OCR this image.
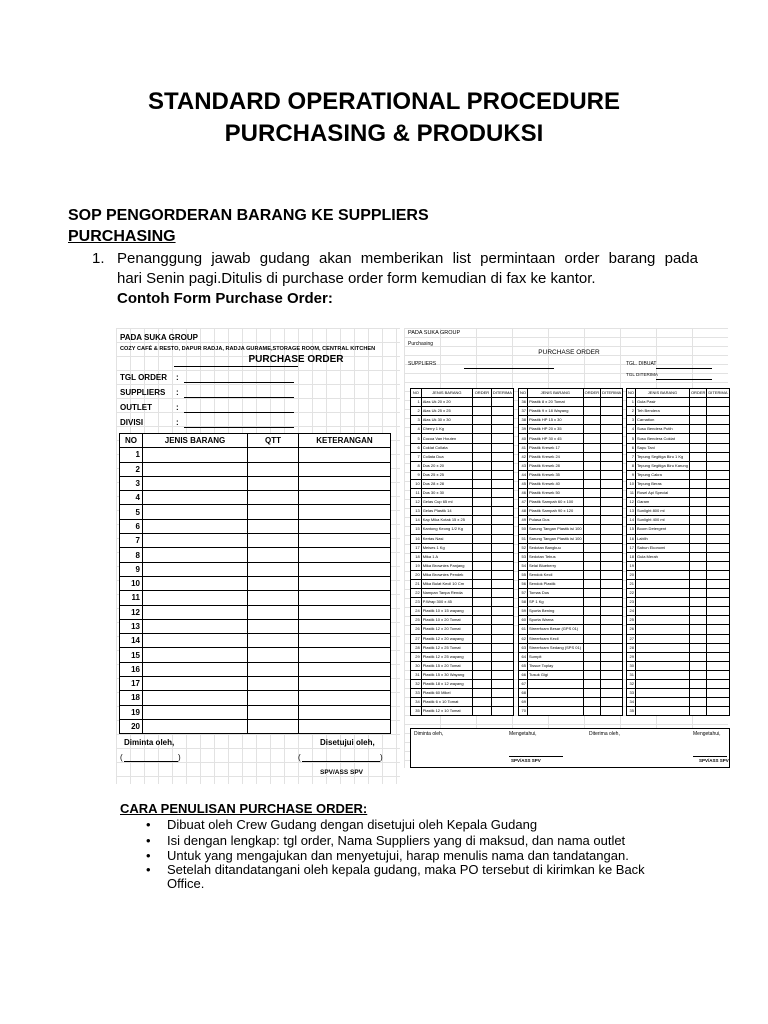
STANDARD OPERATIONAL PROCEDURE
PURCHASING & PRODUKSI
SOP PENGORDERAN BARANG KE SUPPLIERS
PURCHASING
1. Penanggung jawab gudang akan memberikan list permintaan order barang pada
hari Senin pagi.Ditulis di purchase order form kemudian di fax ke kantor.
Contoh Form Purchase Order:
PADA SUKA GROUP
COZY CAFÉ & RESTO, DAPUR RADJA, RADJA GURAME,STORAGE ROOM, CENTRAL KITCHEN
PURCHASE ORDER
TGL ORDER :
SUPPLIERS :
OUTLET	:
DIVISI	:
NO	JENIS BARANG	QTT	KETERANGAN
1			
2			
3			
4			
5			
6			
7			
8			
9			
10			
11			
12			
13			
14			
15			
16			
17			
18			
19			
20			
Diminta oleh,	Disetujui oleh,
(	)	(	)
SPV/ASS SPV
PADA SUKA GROUP
Purchasing
PURCHASE ORDER
SUPPLIERS	TGL. DIBUAT
TGL DITERIMA
NO	JENIS BARANG	ORDER	DITERIMA
1	Alas Uk 20 x 20		
2	Alas Uk 25 x 25		
3	Alas Uk 30 x 30		
4	Cherry 1 Kg		
5	Cocoa Van Houten		
6	Coklat Collata		
7	Collata Dua		
8	Dus 20 x 20		
9	Dus 25 x 25		
10	Dus 28 x 28		
11	Dus 30 x 30		
12	Gelas Cup 65 ml		
13	Gelas Plastik 14		
14	Kap Mika Kotak 15 x 25		
15	Kantong Keong 1/2 Kg		
16	Kertas Nasi		
17	Meises 1 Kg		
18	Mika 1 A		
19	Mika Brownies Panjang		
20	Mika Brownies Pendek		
21	Mika Bulat Kecil 10 Cm		
22	Nampan Tanpa Renda		
23	P.Wrap 300 x 45		
24	Plastik 10 x 15 wayang		
25	Plastik 10 x 20 Tomat		
26	Plastik 12 x 20 Tomat		
27	Plastik 12 x 20 wayang		
28	Plastik 12 x 25 Tomat		
29	Plastik 12 x 25 wayang		
30	Plastik 15 x 20 Tomat		
31	Plastik 15 x 30 Wayang		
32	Plastik 18 x 12 wayang		
33	Plastik 60 Mikel		
34	Plastik 6 x 10 Tomat		
35	Plastik 12 x 10 Tomat		
NO	JENIS BARANG	ORDER	DITERIMA
36	Plastik 8 x 20 Tomat		
37	Plastik 9 x 18 Wayang		
38	Plastik HP 15 x 30		
39	Plastik HP 20 x 35		
40	Plastik HP 30 x 45		
41	Plastik Kresek 17		
42	Plastik Kresek 24		
43	Plastik Kresek 28		
44	Plastik Kresek 35		
45	Plastik Kresek 40		
46	Plastik Kresek 50		
47	Plastik Sampah 60 x 100		
48	Plastik Sampah 90 x 120		
49	Pulasa Dus		
50	Sarung Tangan Plastik isi 100		
51	Sarung Tangan Plastik isi 100		
52	Sedotan Bangkuu		
53	Sedotan Tebus		
54	Selai Blueberry		
55	Sendok Kecil		
56	Sendok Plastik		
57	Tomas Dus		
58	SP 1 Kg		
59	Sporta Bening		
60	Sporta Warna		
61	Streerfoam Besar (GPS 01)		
62	Streerfoam Kecil		
63	Streerfoam Sedang (SPS 01)		
64	Sumpit		
65	Tissue Toplay		
66	Tusuk Gigi		
67			
68			
69			
70			
NO	JENIS BARANG	ORDER	DITERIMA
1	Gula Pasir		
2	Teh Bendera		
3	Carnation		
4	Susu Bendera Putih		
5	Susu Bendera Coklat		
6	Sapu Tani		
7	Tepung Segitiga Biru 1 Kg		
8	Tepung Segitiga Biru Karung		
9	Tepung Cakra		
10	Tepung Beras		
11	Rosel Api Special		
12	Garam		
13	Sunlight 800 ml		
14	Sunlight 400 ml		
15	Boom Detergent		
16	Lablih		
17	Sabun Ekonomi		
18	Gula Merah		
19			
20			
21			
22			
23			
24			
25			
26			
27			
28			
29			
30			
31			
32			
33			
34			
35			
Diminta oleh,	Mengetahui,	Diterima oleh,	Mengetahui,
SPV/ASS SPV	SPV/ASS SPV
CARA PENULISAN PURCHASE ORDER:
• Dibuat oleh Crew Gudang dengan disetujui oleh Kepala Gudang
• Isi dengan lengkap: tgl order, Nama Suppliers yang di maksud, dan nama outlet
• Untuk yang mengajukan dan menyetujui, harap menulis nama dan tandatangan.
• Setelah ditandatangani oleh kepala gudang, maka PO tersebut di kirimkan ke Back
Office.
